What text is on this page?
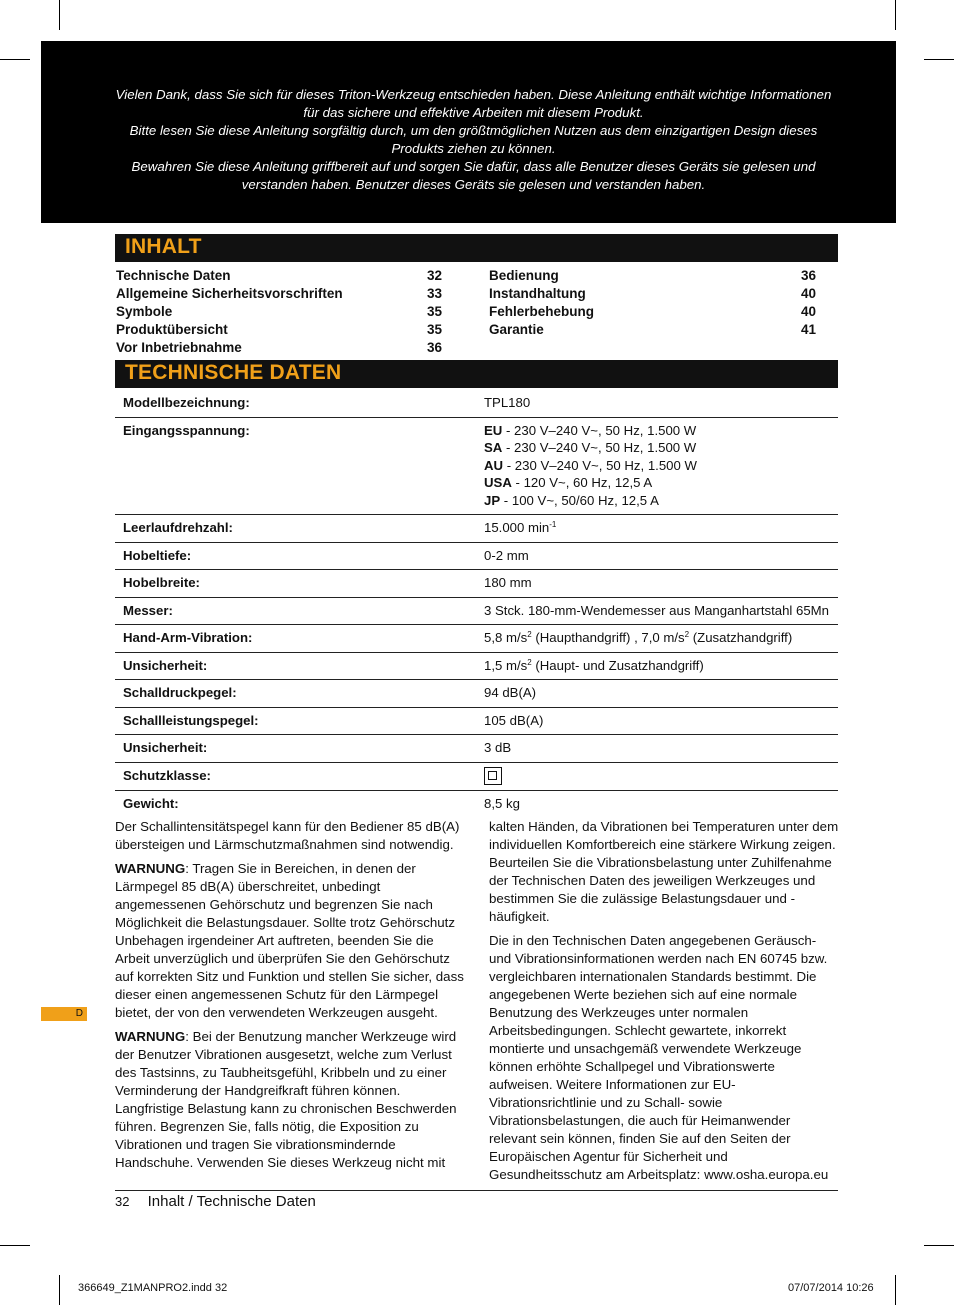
Vielen Dank, dass Sie sich für dieses Triton-Werkzeug entschieden haben. Diese Anleitung enthält wichtige Informationen für das sichere und effektive Arbeiten mit diesem Produkt.

Bitte lesen Sie diese Anleitung sorgfältig durch, um den größtmöglichen Nutzen aus dem einzigartigen Design dieses Produkts ziehen zu können.

Bewahren Sie diese Anleitung griffbereit auf und sorgen Sie dafür, dass alle Benutzer dieses Geräts sie gelesen und verstanden haben. Benutzer dieses Geräts sie gelesen und verstanden haben.

INHALT
Technische Daten	32
Allgemeine Sicherheitsvorschriften	33
Symbole	35
Produktübersicht	35
Vor Inbetriebnahme	36
Bedienung	36
Instandhaltung	40
Fehlerbehebung	40
Garantie	41
TECHNISCHE DATEN
Modellbezeichnung:	TPL180
Eingangsspannung:	EU - 230 V–240 V~, 50 Hz, 1.500 W
SA - 230 V–240 V~, 50 Hz, 1.500 W
AU - 230 V–240 V~, 50 Hz, 1.500 W
USA - 120 V~, 60 Hz, 12,5 A
JP - 100 V~, 50/60 Hz, 12,5 A

Leerlaufdrehzahl:	15.000 $\min^{-1}$
Hobeltiefe:	0-2 mm
Hobelbreite:	180 mm
Messer:	3 Stck. 180-mm-Wendemesser aus Manganhartstahl 65Mn
Hand-Arm-Vibration:	5,8 $m/s^2$ (Haupthandgriff) , 7,0 $m/s^2$ (Zusatzhandgriff)
Unsicherheit:	1,5 $m/s^2$ (Haupt- und Zusatzhandgriff)
Schalldruckpegel:	94 dB(A)
Schallleistungspegel:	105 dB(A)
Unsicherheit:	3 dB
Schutzklasse:	

Gewicht:	8,5 kg

Der Schallintensitätspegel kann für den Bediener 85 dB(A) übersteigen und Lärmschutzmaßnahmen sind notwendig.

WARNUNG: Tragen Sie in Bereichen, in denen der Lärmpegel 85 dB(A) überschreitet, unbedingt angemessenen Gehörschutz und begrenzen Sie nach Möglichkeit die Belastungsdauer. Sollte trotz Gehörschutz Unbehagen irgendeiner Art auftreten, beenden Sie die Arbeit unverzüglich und überprüfen Sie den Gehörschutz auf korrekten Sitz und Funktion und stellen Sie sicher, dass dieser einen angemessenen Schutz für den Lärmpegel bietet, der von den verwendeten Werkzeugen ausgeht.

WARNUNG: Bei der Benutzung mancher Werkzeuge wird der Benutzer Vibrationen ausgesetzt, welche zum Verlust des Tastsinns, zu Taubheitsgefühl, Kribbeln und zu einer Verminderung der Handgreifkraft führen können. Langfristige Belastung kann zu chronischen Beschwerden führen. Begrenzen Sie, falls nötig, die Exposition zu Vibrationen und tragen Sie vibrationsmindernde Handschuhe. Verwenden Sie dieses Werkzeug nicht mit

kalten Händen, da Vibrationen bei Temperaturen unter dem individuellen Komfortbereich eine stärkere Wirkung zeigen. Beurteilen Sie die Vibrationsbelastung unter Zuhilfenahme der Technischen Daten des jeweiligen Werkzeuges und bestimmen Sie die zulässige Belastungsdauer und -häufigkeit.

Die in den Technischen Daten angegebenen Geräusch- und Vibrationsinformationen werden nach EN 60745 bzw. vergleichbaren internationalen Standards bestimmt. Die angegebenen Werte beziehen sich auf eine normale Benutzung des Werkzeuges unter normalen Arbeitsbedingungen. Schlecht gewartete, inkorrekt montierte und unsachgemäß verwendete Werkzeuge können erhöhte Schallpegel und Vibrationswerte aufweisen. Weitere Informationen zur EU-Vibrationsrichtlinie und zu Schall- sowie Vibrationsbelastungen, die auch für Heimanwender relevant sein können, finden Sie auf den Seiten der Europäischen Agentur für Sicherheit und Gesundheitsschutz am Arbeitsplatz: www.osha.europa.eu

D
32 Inhalt / Technische Daten
366649_Z1MANPRO2.indd 32	07/07/2014 10:26
